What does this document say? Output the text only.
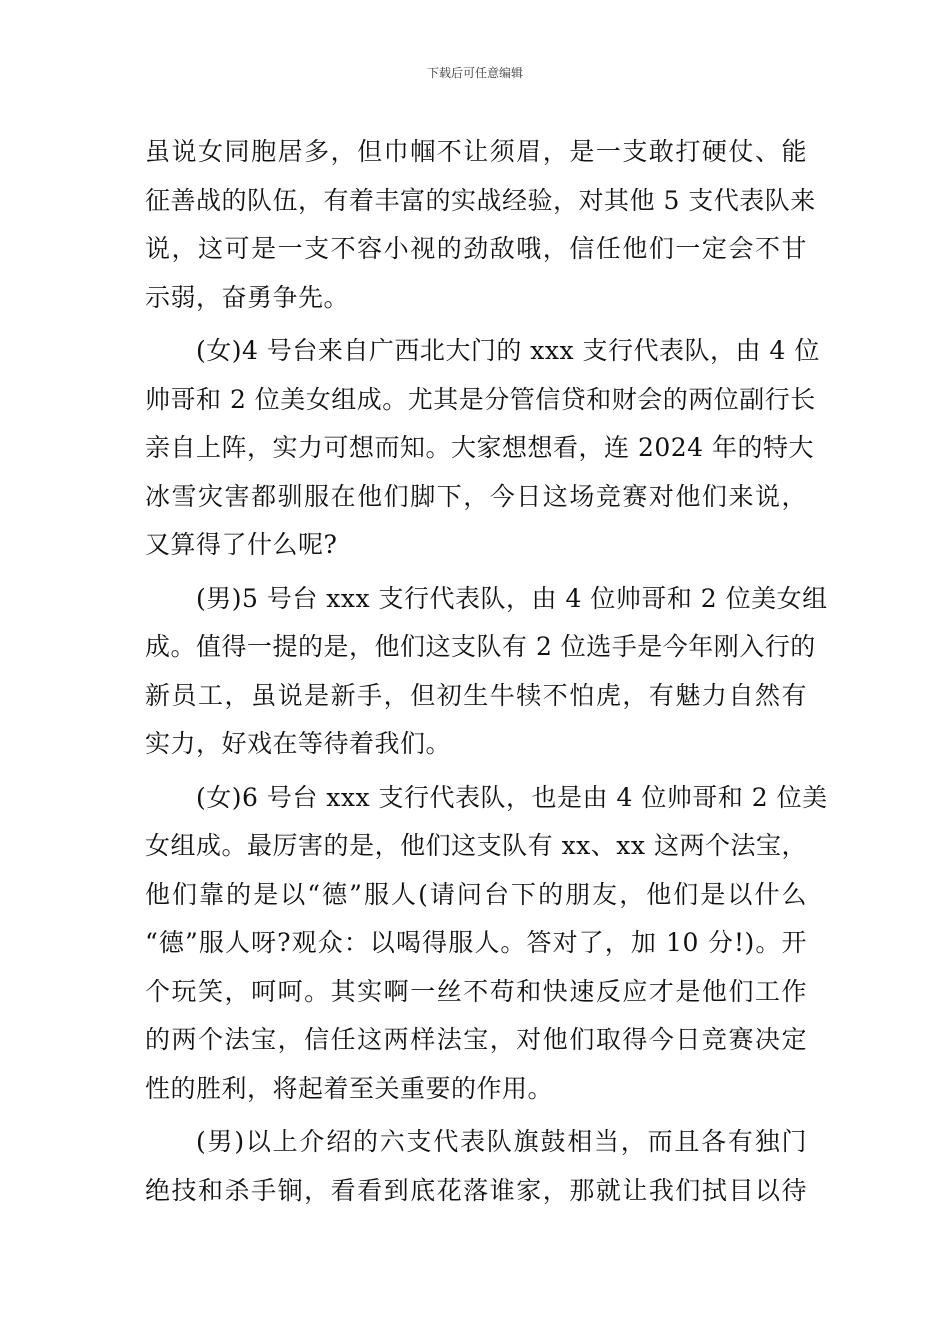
下载后可任意编辑
虽说女同胞居多，但巾帼不让须眉，是一支敢打硬仗、能
征善战的队伍，有着丰富的实战经验，对其他 5 支代表队来
说，这可是一支不容小视的劲敌哦，信任他们一定会不甘
示弱，奋勇争先。
(女)4 号台来自广西北大门的 xxx 支行代表队，由 4 位
帅哥和 2 位美女组成。尤其是分管信贷和财会的两位副行长
亲自上阵，实力可想而知。大家想想看，连 2024 年的特大
冰雪灾害都驯服在他们脚下，今日这场竞赛对他们来说，
又算得了什么呢?
(男)5 号台 xxx 支行代表队，由 4 位帅哥和 2 位美女组
成。值得一提的是，他们这支队有 2 位选手是今年刚入行的
新员工，虽说是新手，但初生牛犊不怕虎，有魅力自然有
实力，好戏在等待着我们。
(女)6 号台 xxx 支行代表队，也是由 4 位帅哥和 2 位美
女组成。最厉害的是，他们这支队有 xx、xx 这两个法宝，
他们靠的是以“德”服人(请问台下的朋友，他们是以什么
“德”服人呀?观众：以喝得服人。答对了，加 10 分!)。开
个玩笑，呵呵。其实啊一丝不苟和快速反应才是他们工作
的两个法宝，信任这两样法宝，对他们取得今日竞赛决定
性的胜利，将起着至关重要的作用。
(男)以上介绍的六支代表队旗鼓相当，而且各有独门
绝技和杀手锏，看看到底花落谁家，那就让我们拭目以待
